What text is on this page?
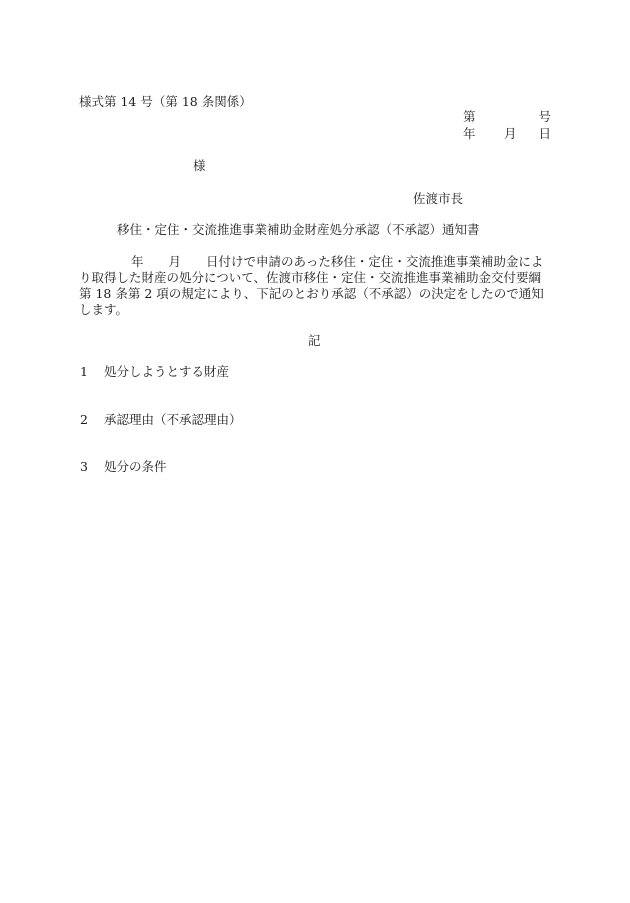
様式第 14 号（第 18 条関係）
第	号
年 月 日
様
佐渡市長
移住・定住・交流推進事業補助金財産処分承認（不承認）通知書
年　　月　　日付けで申請のあった移住・定住・交流推進事業補助金によ
り取得した財産の処分について、佐渡市移住・定住・交流推進事業補助金交付要綱
第 18 条第 2 項の規定により、下記のとおり承認（不承認）の決定をしたので通知
します。
記
1 処分しようとする財産
2 承認理由（不承認理由）
3 処分の条件
